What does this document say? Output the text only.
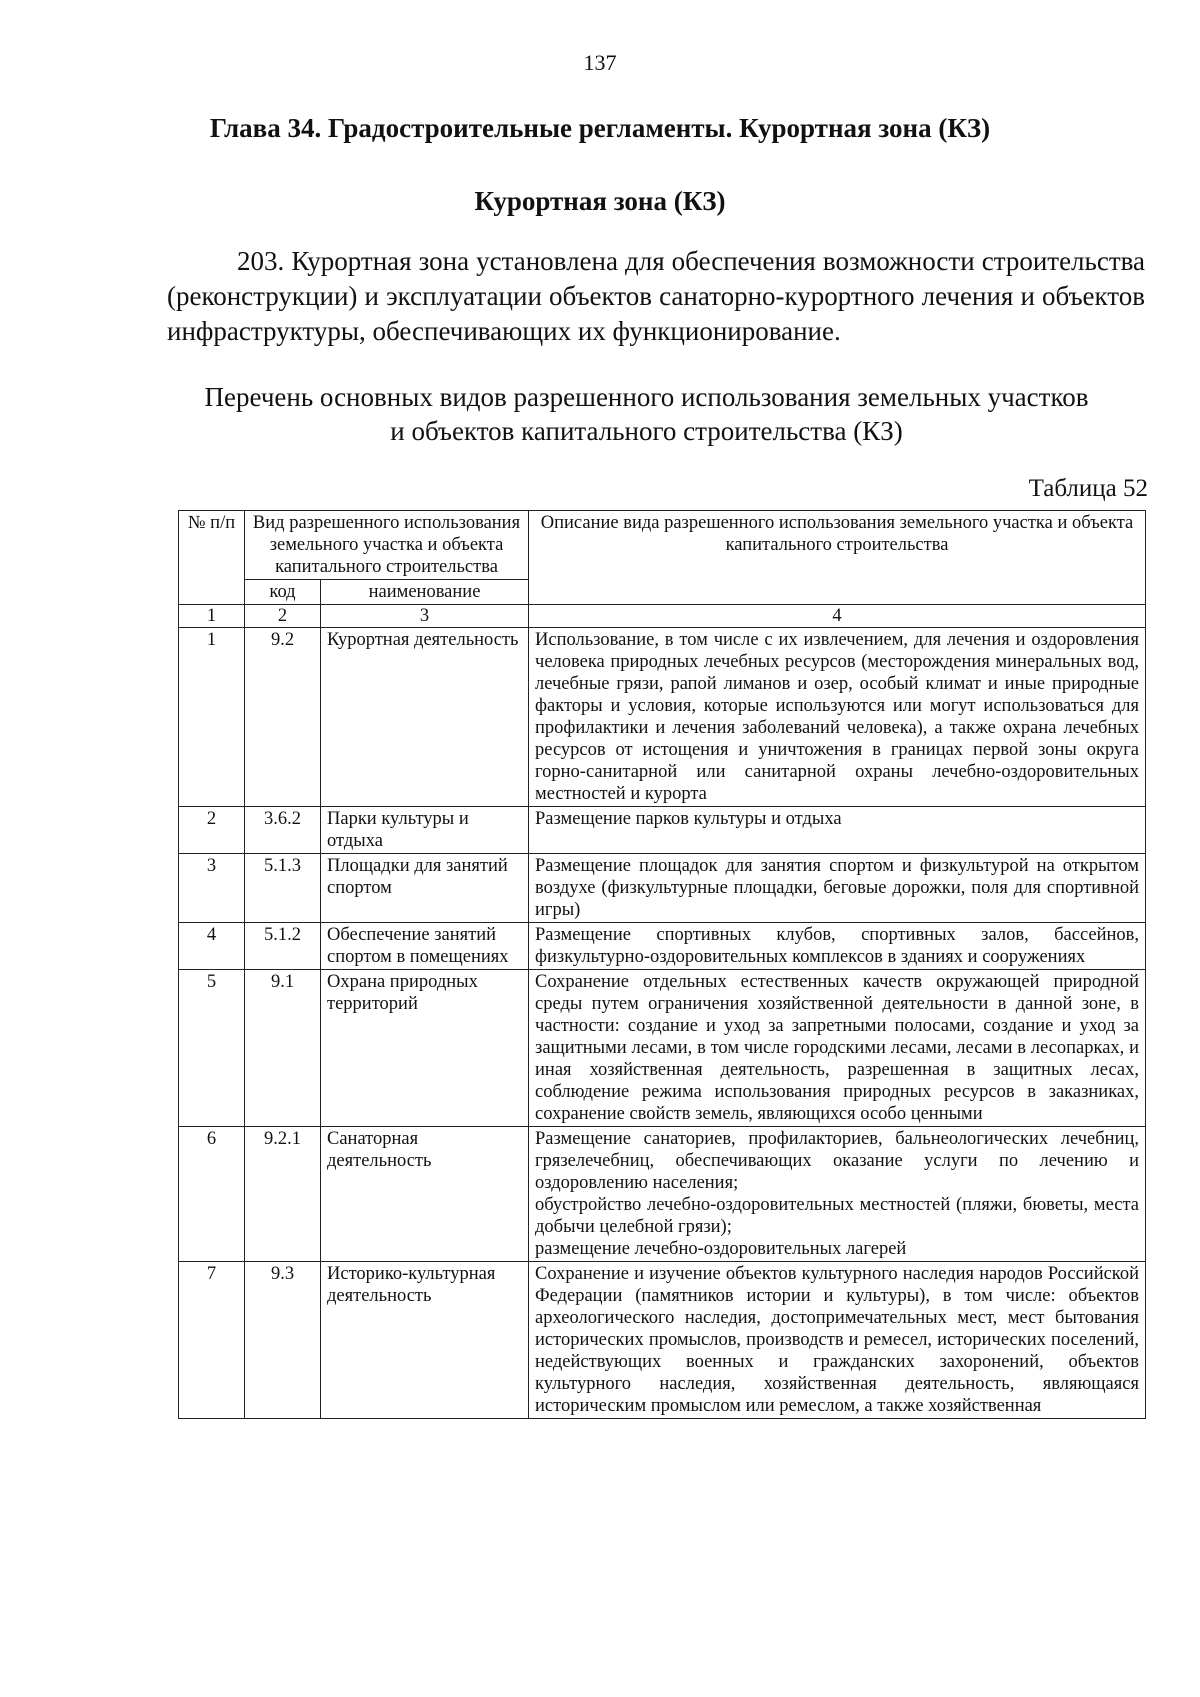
137
Глава 34. Градостроительные регламенты. Курортная зона (КЗ)
Курортная зона (КЗ)
203. Курортная зона установлена для обеспечения возможности строительства (реконструкции) и эксплуатации объектов санаторно-курортного лечения и объектов инфраструктуры, обеспечивающих их функционирование.
Перечень основных видов разрешенного использования земельных участков
и объектов капитального строительства (КЗ)
Таблица 52
№ п/п	Вид разрешенного использования земельного участка и объекта капитального строительства		Описание вида разрешенного использования земельного участка и объекта капитального строительства
	код	наименование	
1	2	3	4
1	9.2	Курортная деятельность	Использование, в том числе с их извлечением, для лечения и оздоровления человека природных лечебных ресурсов (месторождения минеральных вод, лечебные грязи, рапой лиманов и озер, особый климат и иные природные факторы и условия, которые используются или могут использоваться для профилактики и лечения заболеваний человека), а также охрана лечебных ресурсов от истощения и уничтожения в границах первой зоны округа горно-санитарной или санитарной охраны лечебно-оздоровительных местностей и курорта
2	3.6.2	Парки культуры и отдыха	Размещение парков культуры и отдыха
3	5.1.3	Площадки для занятий спортом	Размещение площадок для занятия спортом и физкультурой на открытом воздухе (физкультурные площадки, беговые дорожки, поля для спортивной игры)
4	5.1.2	Обеспечение занятий спортом в помещениях	Размещение спортивных клубов, спортивных залов, бассейнов, физкультурно-оздоровительных комплексов в зданиях и сооружениях
5	9.1	Охрана природных территорий	Сохранение отдельных естественных качеств окружающей природной среды путем ограничения хозяйственной деятельности в данной зоне, в частности: создание и уход за запретными полосами, создание и уход за защитными лесами, в том числе городскими лесами, лесами в лесопарках, и иная хозяйственная деятельность, разрешенная в защитных лесах, соблюдение режима использования природных ресурсов в заказниках, сохранение свойств земель, являющихся особо ценными
6	9.2.1	Санаторная деятельность	Размещение санаториев, профилакториев, бальнеологических лечебниц, грязелечебниц, обеспечивающих оказание услуги по лечению и оздоровлению населения;
обустройство лечебно-оздоровительных местностей (пляжи, бюветы, места добычи целебной грязи);
размещение лечебно-оздоровительных лагерей

7	9.3	Историко-культурная деятельность	Сохранение и изучение объектов культурного наследия народов Российской Федерации (памятников истории и культуры), в том числе: объектов археологического наследия, достопримечательных мест, мест бытования исторических промыслов, производств и ремесел, исторических поселений, недействующих военных и гражданских захоронений, объектов культурного наследия, хозяйственная деятельность, являющаяся историческим промыслом или ремеслом, а также хозяйственная
